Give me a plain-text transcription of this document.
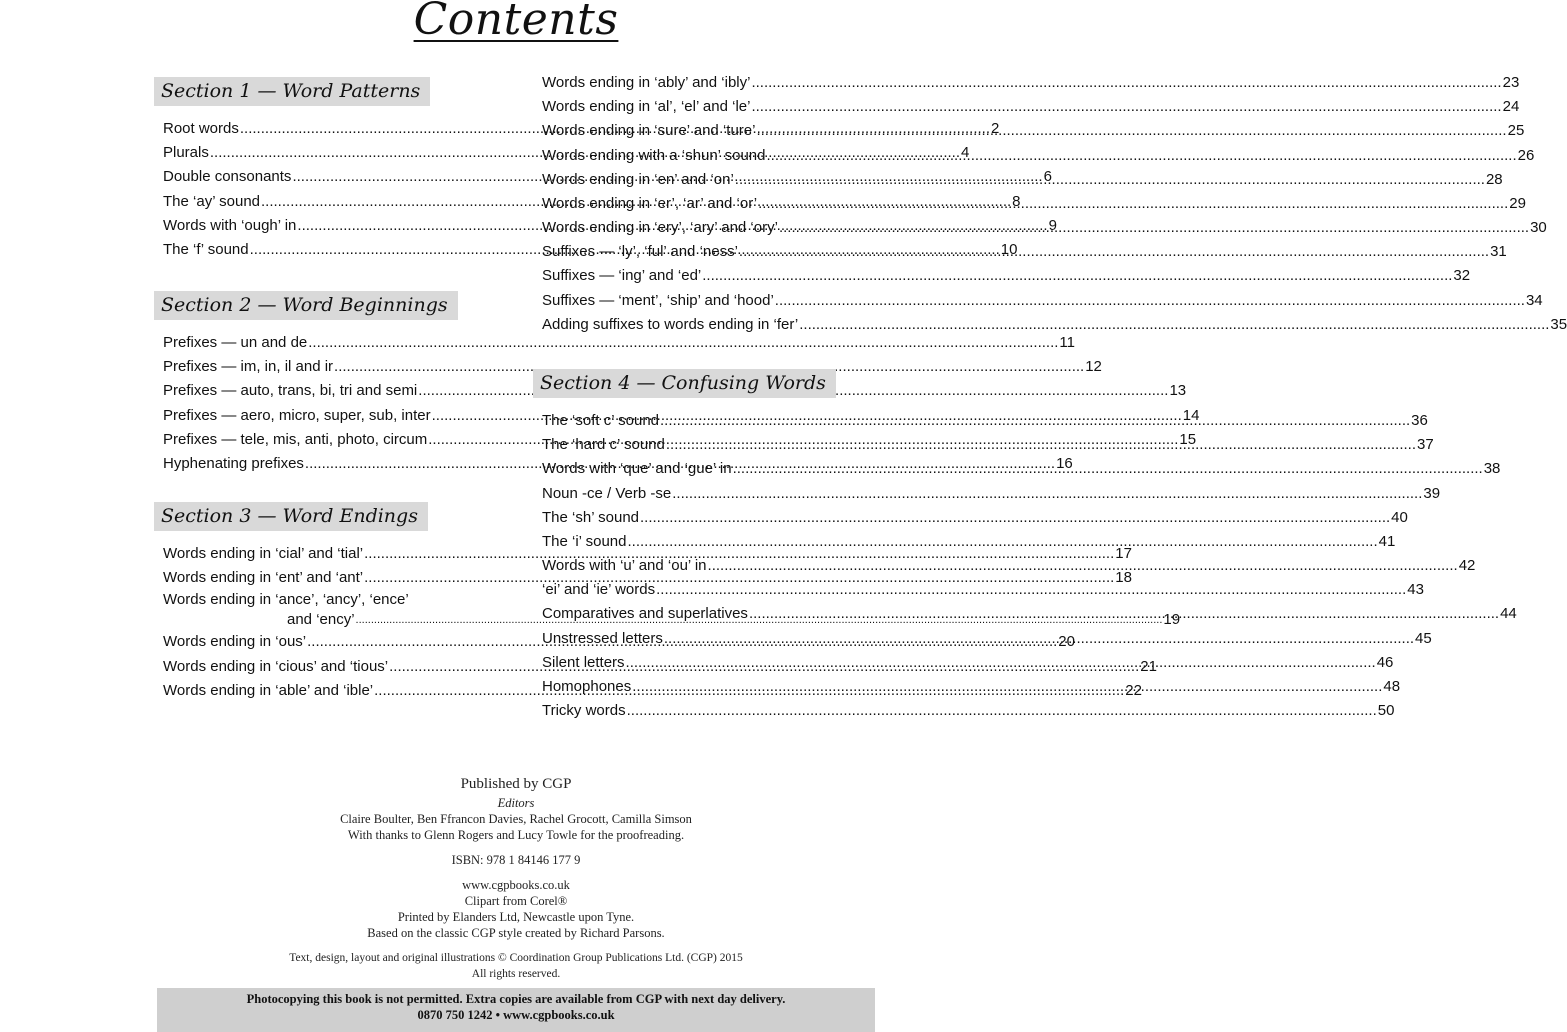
Contents
Section 1 — Word Patterns
Root words .....	2
Plurals .....	4
Double consonants .....	6
The ‘ay’ sound .....	8
Words with ‘ough’ in .....	9
The ‘f’ sound .....	10
Section 2 — Word Beginnings
Prefixes — un and de .....	11
Prefixes — im, in, il and ir .....	12
Prefixes — auto, trans, bi, tri and semi .....	13
Prefixes — aero, micro, super, sub, inter .....	14
Prefixes — tele, mis, anti, photo, circum .....	15
Hyphenating prefixes .....	16
Section 3 — Word Endings
Words ending in ‘cial’ and ‘tial’ .....	17
Words ending in ‘ent’ and ‘ant’ .....	18
Words ending in ‘ance’, ‘ancy’, ‘ence’
and ‘ency’	..... .................................................................................... 19
Words ending in ‘ous’ .....	20
Words ending in ‘cious’ and ‘tious’ .....	21
Words ending in ‘able’ and ‘ible’ .....	22
Words ending in ‘ably’ and ‘ibly’ .....	23
Words ending in ‘al’, ‘el’ and ‘le’ .....	24
Words ending in ‘sure’ and ‘ture’ .....	25
Words ending with a ‘shun’ sound .....	26
Words ending in ‘en’ and ‘on’ .....	28
Words ending in ‘er’, ‘ar’ and ‘or’ .....	29
Words ending in ‘ery’, ‘ary’ and ‘ory’ .....	30
Suffixes — ‘ly’, ‘ful’ and ‘ness’ .....	31
Suffixes — ‘ing’ and ‘ed’ .....	32
Suffixes — ‘ment’, ‘ship’ and ‘hood’ .....	34
Adding suffixes to words ending in ‘fer’ .....	35
Section 4 — Confusing Words
The ‘soft c’ sound .....	36
The ‘hard c’ sound .....	37
Words with ‘que’ and ‘gue’ in .....	38
Noun -ce / Verb -se .....	39
The ‘sh’ sound .....	40
The ‘i’ sound .....	41
Words with ‘u’ and ‘ou’ in .....	42
‘ei’ and ‘ie’ words .....	43
Comparatives and superlatives .....	44
Unstressed letters .....	45
Silent letters .....	46
Homophones .....	48
Tricky words .....	50
Published by CGP
Editors
Claire Boulter, Ben Ffrancon Davies, Rachel Grocott, Camilla Simson
With thanks to Glenn Rogers and Lucy Towle for the proofreading.
ISBN: 978 1 84146 177 9
www.cgpbooks.co.uk
Clipart from Corel®
Printed by Elanders Ltd, Newcastle upon Tyne.
Based on the classic CGP style created by Richard Parsons.
Text, design, layout and original illustrations © Coordination Group Publications Ltd. (CGP) 2015
All rights reserved.
Photocopying this book is not permitted. Extra copies are available from CGP with next day delivery.
0870 750 1242 • www.cgpbooks.co.uk
